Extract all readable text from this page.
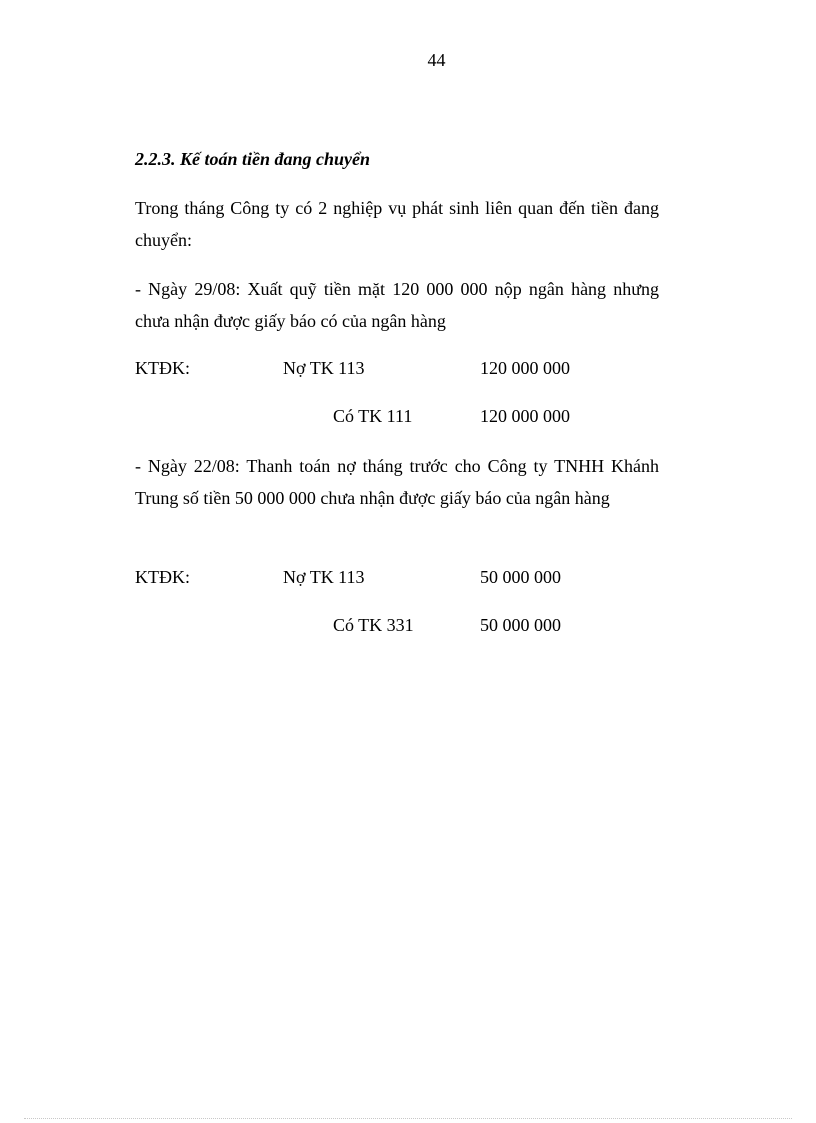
44
2.2.3. Kế toán tiền đang chuyển
Trong tháng Công ty có 2 nghiệp vụ phát sinh liên quan đến tiền đang chuyển:
- Ngày 29/08: Xuất quỹ tiền mặt 120 000 000 nộp ngân hàng nhưng chưa nhận được giấy báo có của ngân hàng
KTĐK:	Nợ TK 113	120 000 000
Có TK 111	120 000 000
- Ngày 22/08: Thanh toán nợ tháng trước cho Công ty TNHH Khánh Trung số tiền 50 000 000 chưa nhận được giấy báo của ngân hàng
KTĐK:	Nợ TK 113	50 000 000
Có TK 331	50 000 000
